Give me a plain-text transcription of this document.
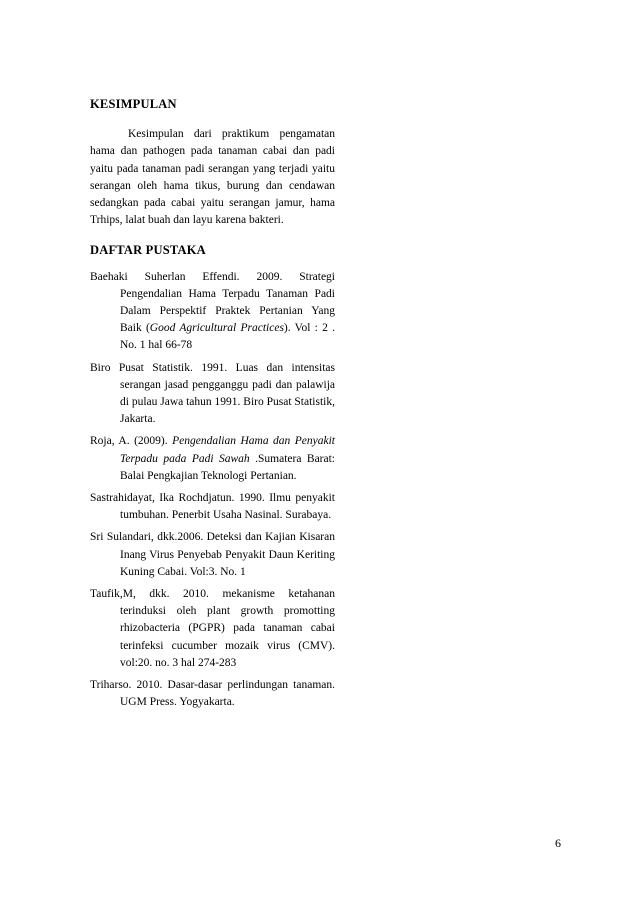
KESIMPULAN

Kesimpulan dari praktikum pengamatan hama dan pathogen pada tanaman cabai dan padi yaitu pada tanaman padi serangan yang terjadi yaitu serangan oleh hama tikus, burung dan cendawan sedangkan pada cabai yaitu serangan jamur, hama Trhips, lalat buah dan layu karena bakteri.

DAFTAR PUSTAKA
Baehaki Suherlan Effendi. 2009. Strategi Pengendalian Hama Terpadu Tanaman Padi Dalam Perspektif Praktek Pertanian Yang Baik (Good Agricultural Practices). Vol : 2 . No. 1 hal 66-78
Biro Pusat Statistik. 1991. Luas dan intensitas serangan jasad pengganggu padi dan palawija di pulau Jawa tahun 1991. Biro Pusat Statistik, Jakarta.
Roja, A. (2009). Pengendalian Hama dan Penyakit Terpadu pada Padi Sawah .Sumatera Barat: Balai Pengkajian Teknologi Pertanian.
Sastrahidayat, Ika Rochdjatun. 1990. Ilmu penyakit tumbuhan. Penerbit Usaha Nasinal. Surabaya.
Sri Sulandari, dkk.2006. Deteksi dan Kajian Kisaran Inang Virus Penyebab Penyakit Daun Keriting Kuning Cabai. Vol:3. No. 1
Taufik,M, dkk. 2010. mekanisme ketahanan terinduksi oleh plant growth promotting rhizobacteria (PGPR) pada tanaman cabai terinfeksi cucumber mozaik virus (CMV). vol:20. no. 3 hal 274-283
Triharso. 2010. Dasar-dasar perlindungan tanaman. UGM Press. Yogyakarta.
6
